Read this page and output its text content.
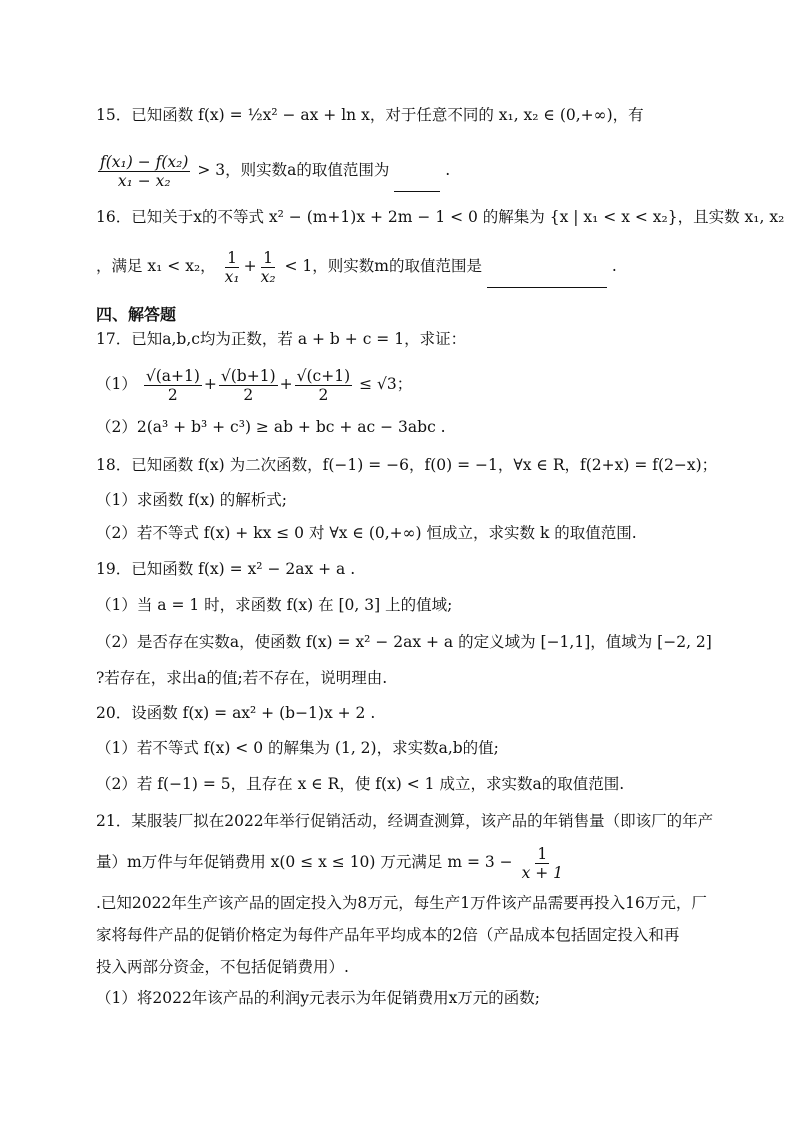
15．已知函数 f(x) = ½x² − ax + ln x，对于任意不同的 x₁, x₂ ∈ (0,+∞)，有
$\frac{\text{f(x₁) − f(x₂)}}{\text{x₁ − x₂}} > 3$，则实数a的取值范围为	.
16．已知关于x的不等式 x² − (m+1)x + 2m − 1 < 0 的解集为 {x | x₁ < x < x₂}，且实数 x₁, x₂
，满足 x₁ < x₂， $\frac{1}{\text{x₁}} + \frac{1}{\text{x₂}} < 1$，则实数m的取值范围是	.
四、解答题
17．已知a,b,c均为正数，若 a + b + c = 1，求证：
$(1) \frac{√(a+1)}{2} + \frac{√(b+1)}{2} + \frac{√(c+1)}{2} \le √3$；
（2）2(a³ + b³ + c³) ≥ ab + bc + ac − 3abc .
18．已知函数 f(x) 为二次函数，f(−1) = −6，f(0) = −1，∀x ∈ R，f(2+x) = f(2−x)；
（1）求函数 f(x) 的解析式;
（2）若不等式 f(x) + kx ≤ 0 对 ∀x ∈ (0,+∞) 恒成立，求实数 k 的取值范围.
19．已知函数 f(x) = x² − 2ax + a .
（1）当 a = 1 时，求函数 f(x) 在 [0, 3] 上的值域;
（2）是否存在实数a，使函数 f(x) = x² − 2ax + a 的定义域为 [−1,1]，值域为 [−2, 2]
?若存在，求出a的值;若不存在，说明理由.
20．设函数 f(x) = ax² + (b−1)x + 2 .
（1）若不等式 f(x) < 0 的解集为 (1, 2)，求实数a,b的值;
（2）若 f(−1) = 5，且存在 x ∈ R，使 f(x) < 1 成立，求实数a的取值范围.
21．某服装厂拟在2022年举行促销活动，经调查测算，该产品的年销售量（即该厂的年产
量）m万件与年促销费用 x(0 ≤ x ≤ 10) 万元满足 $m = 3 - \frac{1}{x + 1}$
.已知2022年生产该产品的固定投入为8万元，每生产1万件该产品需要再投入16万元，厂
家将每件产品的促销价格定为每件产品年平均成本的2倍（产品成本包括固定投入和再
投入两部分资金，不包括促销费用）.
（1）将2022年该产品的利润y元表示为年促销费用x万元的函数;
